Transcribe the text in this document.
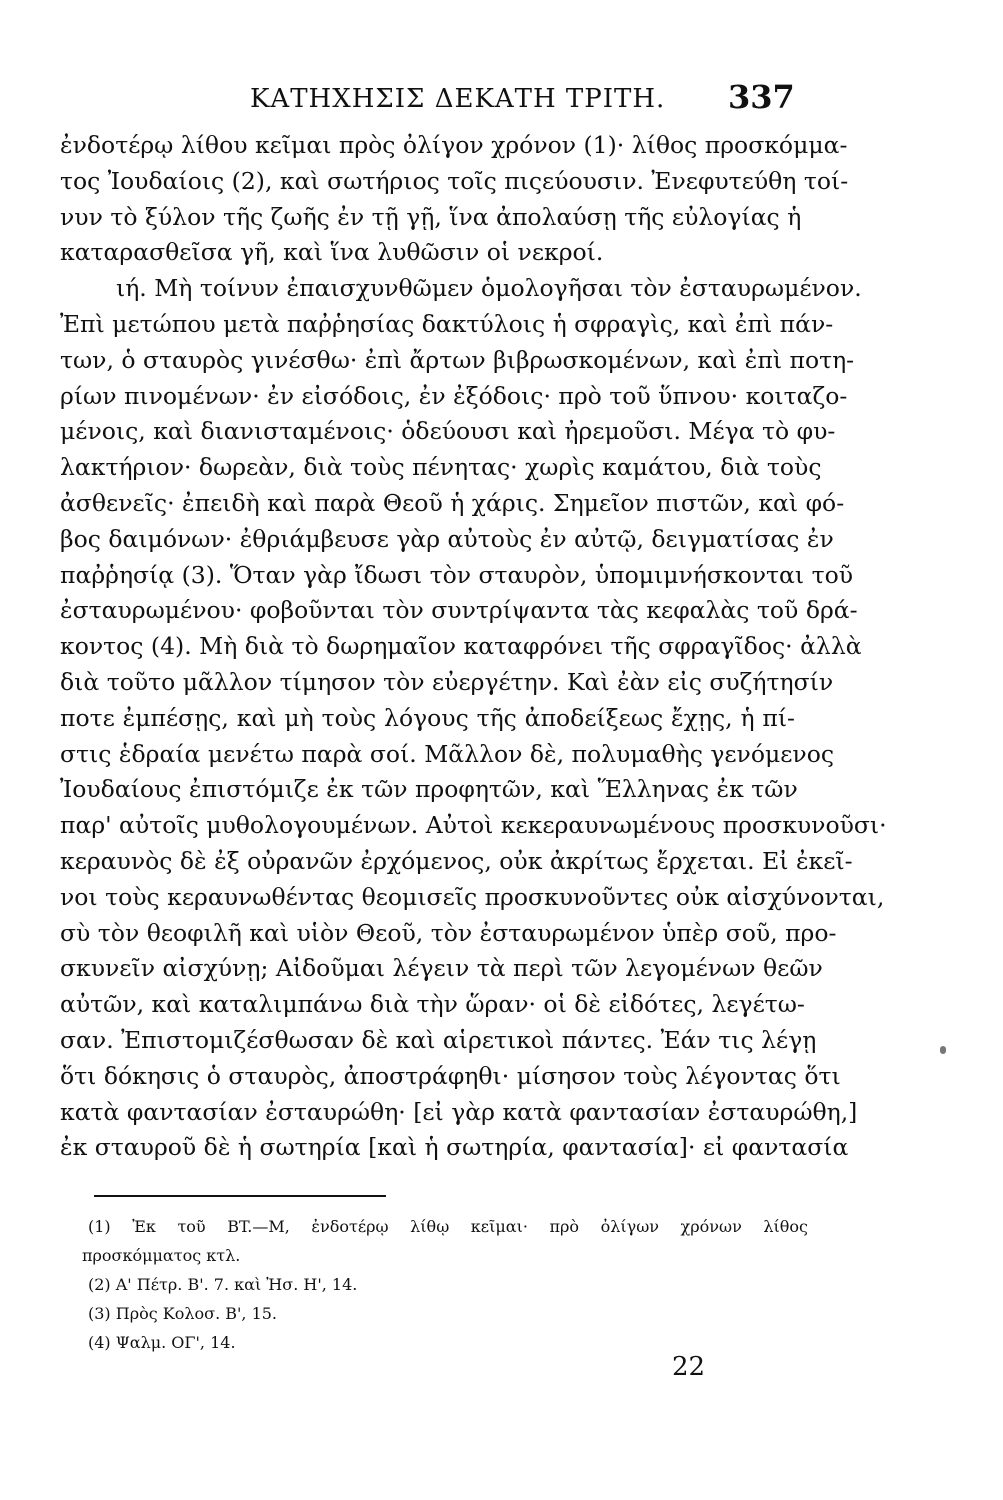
ΚΑΤΗΧΗΣΙΣ ΔΕΚΑΤΗ ΤΡΙΤΗ. 337
ἐνδοτέρῳ λίθου κεῖμαι πρὸς ὀλίγον χρόνον (1)· λίθος προσκόμμα-
τος Ἰουδαίοις (2), καὶ σωτήριος τοῖς πιςεύουσιν. Ἐνεφυτεύθη τοί-
νυν τὸ ξύλον τῆς ζωῆς ἐν τῇ γῇ, ἵνα ἀπολαύσῃ τῆς εὐλογίας ἡ
καταρασθεῖσα γῆ, καὶ ἵνα λυθῶσιν οἱ νεκροί.
ιή. Μὴ τοίνυν ἐπαισχυνθῶμεν ὁμολογῆσαι τὸν ἐσταυρωμένον.
Ἐπὶ μετώπου μετὰ παῤῥησίας δακτύλοις ἡ σφραγὶς, καὶ ἐπὶ πάν-
των, ὁ σταυρὸς γινέσθω· ἐπὶ ἄρτων βιβρωσκομένων, καὶ ἐπὶ ποτη-
ρίων πινομένων· ἐν εἰσόδοις, ἐν ἐξόδοις· πρὸ τοῦ ὕπνου· κοιταζο-
μένοις, καὶ διανισταμένοις· ὁδεύουσι καὶ ἠρεμοῦσι. Μέγα τὸ φυ-
λακτήριον· δωρεὰν, διὰ τοὺς πένητας· χωρὶς καμάτου, διὰ τοὺς
ἀσθενεῖς· ἐπειδὴ καὶ παρὰ Θεοῦ ἡ χάρις. Σημεῖον πιστῶν, καὶ φό-
βος δαιμόνων· ἐθριάμβευσε γὰρ αὐτοὺς ἐν αὐτῷ, δειγματίσας ἐν
παῤῥησίᾳ (3). Ὅταν γὰρ ἴδωσι τὸν σταυρὸν, ὑπομιμνήσκονται τοῦ
ἐσταυρωμένου· φοβοῦνται τὸν συντρίψαντα τὰς κεφαλὰς τοῦ δρά-
κοντος (4). Μὴ διὰ τὸ δωρημαῖον καταφρόνει τῆς σφραγῖδος· ἀλλὰ
διὰ τοῦτο μᾶλλον τίμησον τὸν εὐεργέτην. Καὶ ἐὰν εἰς συζήτησίν
ποτε ἐμπέσῃς, καὶ μὴ τοὺς λόγους τῆς ἀποδείξεως ἔχῃς, ἡ πί-
στις ἑδραία μενέτω παρὰ σοί. Μᾶλλον δὲ, πολυμαθὴς γενόμενος
Ἰουδαίους ἐπιστόμιζε ἐκ τῶν προφητῶν, καὶ Ἕλληνας ἐκ τῶν
παρ' αὐτοῖς μυθολογουμένων. Αὐτοὶ κεκεραυνωμένους προσκυνοῦσι·
κεραυνὸς δὲ ἐξ οὐρανῶν ἐρχόμενος, οὐκ ἀκρίτως ἔρχεται. Εἰ ἐκεῖ-
νοι τοὺς κεραυνωθέντας θεομισεῖς προσκυνοῦντες οὐκ αἰσχύνονται,
σὺ τὸν θεοφιλῆ καὶ υἱὸν Θεοῦ, τὸν ἐσταυρωμένον ὑπὲρ σοῦ, προ-
σκυνεῖν αἰσχύνῃ; Αἰδοῦμαι λέγειν τὰ περὶ τῶν λεγομένων θεῶν
αὐτῶν, καὶ καταλιμπάνω διὰ τὴν ὥραν· οἱ δὲ εἰδότες, λεγέτω-
σαν. Ἐπιστομιζέσθωσαν δὲ καὶ αἱρετικοὶ πάντες. Ἐάν τις λέγῃ
ὅτι δόκησις ὁ σταυρὸς, ἀποστράφηθι· μίσησον τοὺς λέγοντας ὅτι
κατὰ φαντασίαν ἐσταυρώθη· [εἰ γὰρ κατὰ φαντασίαν ἐσταυρώθη,]
ἐκ σταυροῦ δὲ ἡ σωτηρία [καὶ ἡ σωτηρία, φαντασία]· εἰ φαντασία
(1) Ἐκ τοῦ BT.—M, ἐνδοτέρῳ λίθῳ κεῖμαι· πρὸ ὀλίγων χρόνων λίθος
προσκόμματος κτλ.
(2) Α' Πέτρ. Β'. 7. καὶ Ἠσ. Η', 14.
(3) Πρὸς Κολοσ. Β', 15.
(4) Ψαλμ. ΟΓ', 14.
22
